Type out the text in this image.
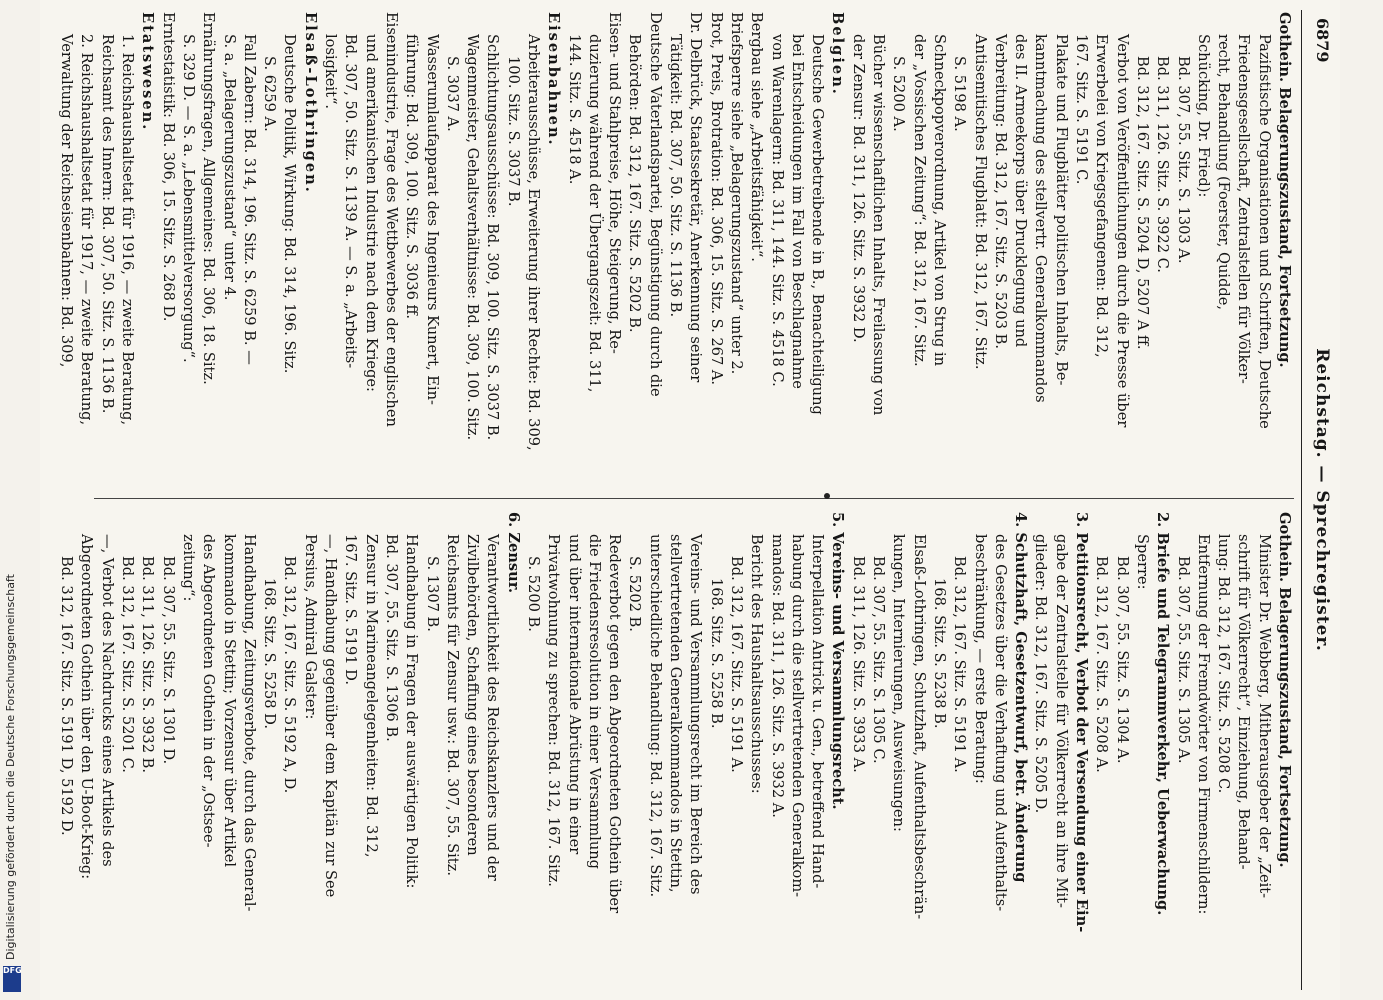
6879
Reichstag. — Sprechregister.
Gothein. Belagerungszustand, Fortsetzung.
Pazifistische Organisationen und Schriften, Deutsche
Friedensgesellschaft, Zentralstellen für Völker-
recht, Behandlung (Foerster, Quidde,
Schücking, Dr. Fried):
Bd. 307, 55. Sitz. S. 1303 A.
Bd. 311, 126. Sitz. S. 3922 C.
Bd. 312, 167. Sitz. S. 5204 D, 5207 A ff.
Verbot von Veröffentlichungen durch die Presse über
Erwerbelei von Kriegsgefangenen: Bd. 312,
167. Sitz. S. 5191 C.
Plakate und Flugblätter politischen Inhalts, Be-
kanntmachung des stellvertr. Generalkommandos
des II. Armeekorps über Drucklegung und
Verbreitung: Bd. 312, 167. Sitz. S. 5203 B.
Antisemitisches Flugblatt: Bd. 312, 167. Sitz.
S. 5198 A.
Schneckpopverordnung, Artikel von Strug in
der „Vossischen Zeitung“: Bd. 312, 167. Sitz.
S. 5200 A.
Bücher wissenschaftlichen Inhalts, Freilassung von
der Zensur: Bd. 311, 126. Sitz. S. 3932 D.
Belgien.
Deutsche Gewerbetreibende in B., Benachteiligung
bei Entscheidungen im Fall von Beschlagnahme
von Warenlagern: Bd. 311, 144. Sitz. S. 4518 C.
Bergbau siehe „Arbeitsfähigkeit“.
Briefsperre siehe „Belagerungszustand“ unter 2.
Brot, Preis, Brotration: Bd. 306, 15. Sitz. S. 267 A.
Dr. Delbrück, Staatssekretär, Anerkennung seiner
Tätigkeit: Bd. 307, 50. Sitz. S. 1136 B.
Deutsche Vaterlandspartei, Begünstigung durch die
Behörden: Bd. 312, 167. Sitz. S. 5202 B.
Eisen- und Stahlpreise, Höhe, Steigerung, Re-
duzierung während der Übergangszeit: Bd. 311,
144. Sitz. S. 4518 A.
Eisenbahnen.
Arbeiterausschüsse, Erweiterung ihrer Rechte: Bd. 309,
100. Sitz. S. 3037 B.
Schlichtungsausschüsse: Bd. 309, 100. Sitz. S. 3037 B.
Wagenmeister, Gehaltsverhältnisse: Bd. 309, 100. Sitz.
S. 3037 A.
Wasserumlaufapparat des Ingenieurs Kunert, Ein-
führung: Bd. 309, 100. Sitz. S. 3036 ff.
Eisenindustrie, Frage des Wettbewerbes der englischen
und amerikanischen Industrie nach dem Kriege:
Bd. 307, 50. Sitz. S. 1139 A. — S. a. „Arbeits-
losigkeit“.
Elsaß-Lothringen.
Deutsche Politik, Wirkung: Bd. 314, 196. Sitz.
S. 6259 A.
Fall Zabern: Bd. 314, 196. Sitz. S. 6259 B. —
S. a. „Belagerungszustand“ unter 4.
Ernährungsfragen, Allgemeines: Bd. 306, 18. Sitz.
S. 329 D. — S. a. „Lebensmittelversorgung“.
Erntestatistik: Bd. 306, 15. Sitz. S. 268 D.
Etatswesen.
1. Reichshaushaltsetat für 1916, — zweite Beratung,
Reichsamt des Innern: Bd. 307, 50. Sitz. S. 1136 B.
2. Reichshaushaltsetat für 1917, — zweite Beratung,
Verwaltung der Reichseisenbahnen: Bd. 309,
Gothein. Belagerungszustand, Fortsetzung.
Minister Dr. Webberg, Mitherausgeber der „Zeit-
schrift für Völkerrecht“, Einziehung, Behand-
lung: Bd. 312, 167. Sitz. S. 5208 C.
Entfernung der Fremdwörter von Firmenschildern:
Bd. 307, 55. Sitz. S. 1305 A.
2. Briefe und Telegrammverkehr, Ueberwachung.
Sperre:
Bd. 307, 55. Sitz. S. 1304 A.
Bd. 312, 167. Sitz. S. 5208 A.
3. Petitionsrecht, Verbot der Versendung einer Ein-
gabe der Zentralstelle für Völkerrecht an ihre Mit-
glieder: Bd. 312, 167. Sitz. S. 5205 D.
4. Schutzhaft, Gesetzentwurf, betr. Änderung
des Gesetzes über die Verhaftung und Aufenthalts-
beschränkung, — erste Beratung:
Bd. 312, 167. Sitz. S. 5191 A.
168. Sitz. S. 5238 B.
Elsaß-Lothringen, Schutzhaft, Aufenthaltsbeschrän-
kungen, Internierungen, Ausweisungen:
Bd. 307, 55. Sitz. S. 1305 C.
Bd. 311, 126. Sitz. S. 3933 A.
5. Vereins- und Versammlungsrecht.
Interpellation Antrick u. Gen., betreffend Hand-
habung durch die stellvertretenden Generalkom-
mandos: Bd. 311, 126. Sitz. S. 3932 A.
Bericht des Haushaltsausschusses:
Bd. 312, 167. Sitz. S. 5191 A.
168. Sitz. S. 5258 B.
Vereins- und Versammlungsrecht im Bereich des
stellvertretenden Generalkommandos in Stettin,
unterschiedliche Behandlung: Bd. 312, 167. Sitz.
S. 5202 B.
Redeverbot gegen den Abgeordneten Gothein über
die Friedensresolution in einer Versammlung
und über internationale Abrüstung in einer
Privatwohnung zu sprechen: Bd. 312, 167. Sitz.
S. 5200 B.
6. Zensur.
Verantwortlichkeit des Reichskanzlers und der
Zivilbehörden, Schaffung eines besonderen
Reichsamts für Zensur usw.: Bd. 307, 55. Sitz.
S. 1307 B.
Handhabung in Fragen der auswärtigen Politik:
Bd. 307, 55. Sitz. S. 1306 B.
Zensur in Marineangelegenheiten: Bd. 312,
167. Sitz. S. 5191 D.
—, Handhabung gegenüber dem Kapitän zur See
Persius, Admiral Galster:
Bd. 312, 167. Sitz. S. 5192 A, D.
168. Sitz. S. 5258 D.
Handhabung, Zeitungsverbote, durch das General-
kommando in Stettin; Vorzensur über Artikel
des Abgeordneten Gothein in der „Ostsee-
zeitung“:
Bd. 307, 55. Sitz. S. 1301 D.
Bd. 311, 126. Sitz. S. 3932 B.
Bd. 312, 167. Sitz. S. 5201 C.
—, Verbot des Nachdrucks eines Artikels des
Abgeordneten Gothein über den U-Boot-Krieg:
Bd. 312, 167. Sitz. S. 5191 D, 5192 D.
Digitalisierung gefördert durch die Deutsche Forschungsgemeinschaft
DFG
